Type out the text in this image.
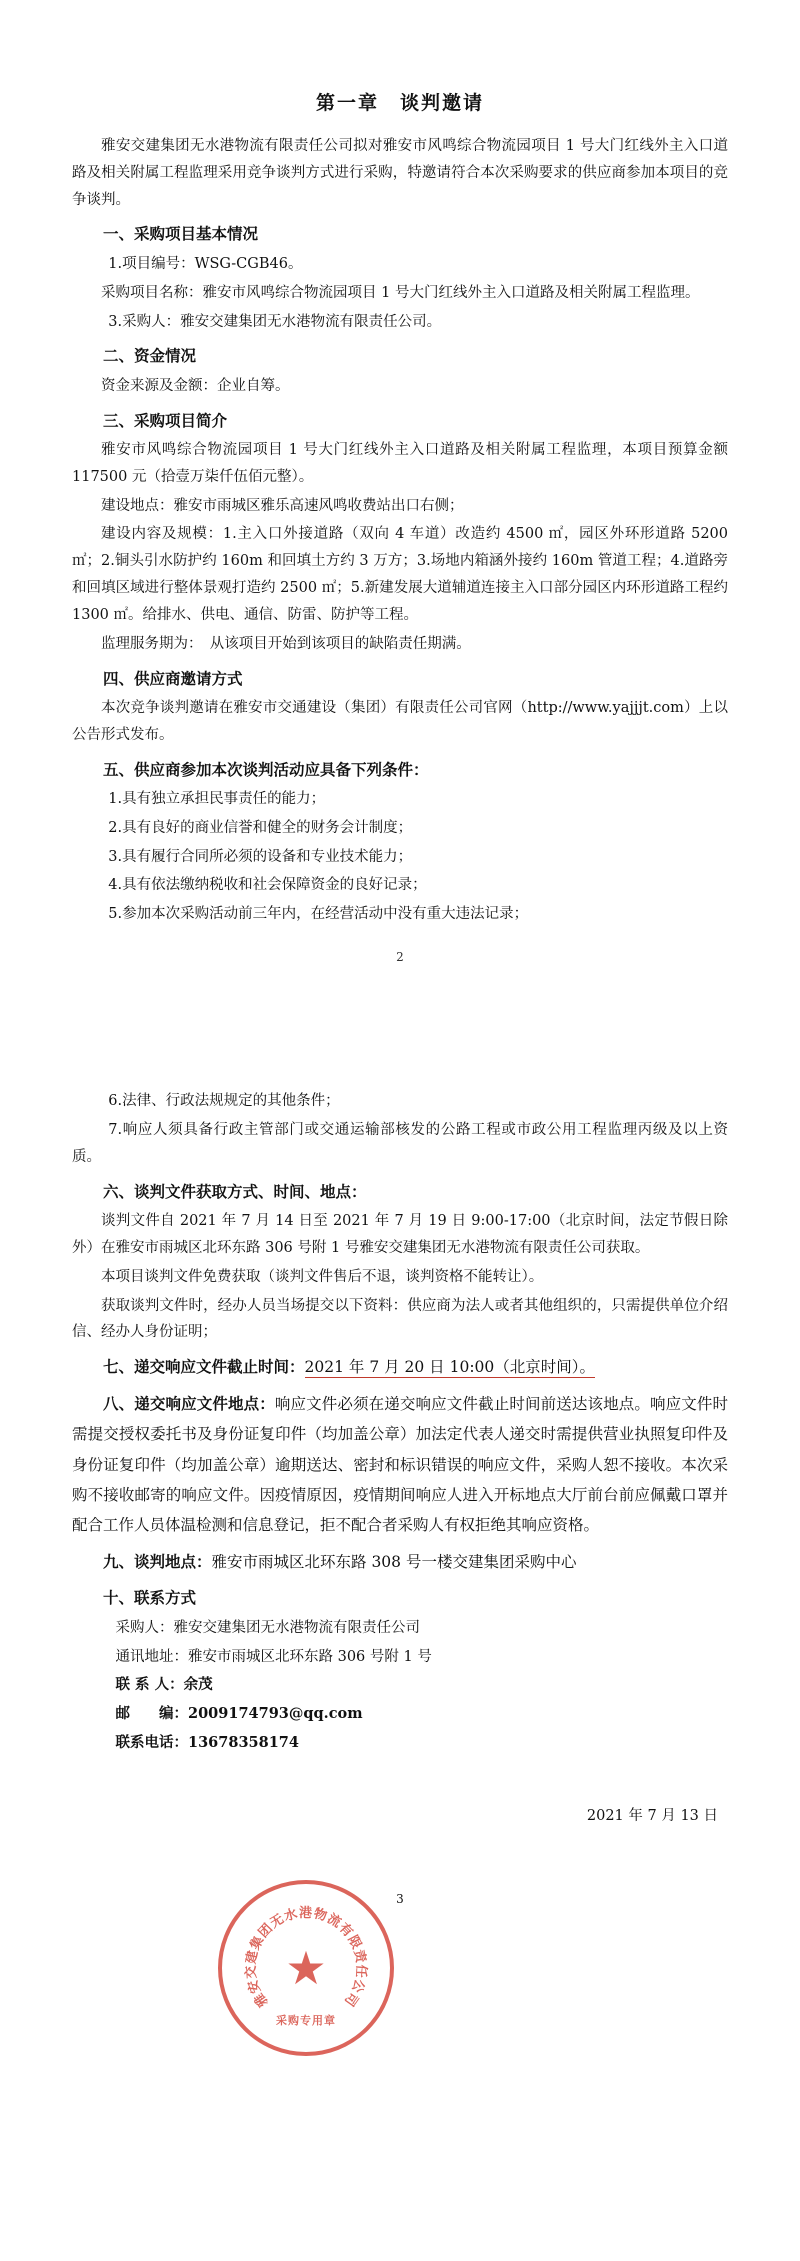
第一章　谈判邀请

雅安交建集团无水港物流有限责任公司拟对雅安市风鸣综合物流园项目 1 号大门红线外主入口道路及相关附属工程监理采用竞争谈判方式进行采购，特邀请符合本次采购要求的供应商参加本项目的竞争谈判。

一、采购项目基本情况

1.项目编号：WSG-CGB46。

采购项目名称：雅安市风鸣综合物流园项目 1 号大门红线外主入口道路及相关附属工程监理。

3.采购人：雅安交建集团无水港物流有限责任公司。

二、资金情况

资金来源及金额：企业自筹。

三、采购项目简介

雅安市风鸣综合物流园项目 1 号大门红线外主入口道路及相关附属工程监理，本项目预算金额 117500 元（拾壹万柒仟伍佰元整）。

建设地点：雅安市雨城区雅乐高速风鸣收费站出口右侧；

建设内容及规模：1.主入口外接道路（双向 4 车道）改造约 4500 ㎡，园区外环形道路 5200㎡；2.铜头引水防护约 160m 和回填土方约 3 万方；3.场地内箱涵外接约 160m 管道工程；4.道路旁和回填区域进行整体景观打造约 2500 ㎡；5.新建发展大道辅道连接主入口部分园区内环形道路工程约 1300 ㎡。给排水、供电、通信、防雷、防护等工程。

监理服务期为：　从该项目开始到该项目的缺陷责任期满。

四、供应商邀请方式

本次竞争谈判邀请在雅安市交通建设（集团）有限责任公司官网（http://www.yajjjt.com）上以公告形式发布。

五、供应商参加本次谈判活动应具备下列条件：

1.具有独立承担民事责任的能力；

2.具有良好的商业信誉和健全的财务会计制度；

3.具有履行合同所必须的设备和专业技术能力；

4.具有依法缴纳税收和社会保障资金的良好记录；

5.参加本次采购活动前三年内，在经营活动中没有重大违法记录；

2

6.法律、行政法规规定的其他条件；

7.响应人须具备行政主管部门或交通运输部核发的公路工程或市政公用工程监理丙级及以上资质。

六、谈判文件获取方式、时间、地点：

谈判文件自 2021 年 7 月 14 日至 2021 年 7 月 19 日 9:00-17:00（北京时间，法定节假日除外）在雅安市雨城区北环东路 306 号附 1 号雅安交建集团无水港物流有限责任公司获取。

本项目谈判文件免费获取（谈判文件售后不退，谈判资格不能转让）。

获取谈判文件时，经办人员当场提交以下资料：供应商为法人或者其他组织的，只需提供单位介绍信、经办人身份证明；

七、递交响应文件截止时间：2021 年 7 月 20 日 10:00（北京时间）。

八、递交响应文件地点：响应文件必须在递交响应文件截止时间前送达该地点。响应文件时需提交授权委托书及身份证复印件（均加盖公章）加法定代表人递交时需提供营业执照复印件及身份证复印件（均加盖公章）逾期送达、密封和标识错误的响应文件，采购人恕不接收。本次采购不接收邮寄的响应文件。因疫情原因，疫情期间响应人进入开标地点大厅前台前应佩戴口罩并配合工作人员体温检测和信息登记，拒不配合者采购人有权拒绝其响应资格。

九、谈判地点：雅安市雨城区北环东路 308 号一楼交建集团采购中心

十、联系方式

采购人：雅安交建集团无水港物流有限责任公司

通讯地址：雅安市雨城区北环东路 306 号附 1 号

联 系 人：余茂

邮　　编：2009174793@qq.com

联系电话：13678358174

雅
安
交
建
集
团
无
水 港 物
流
有
限
责
任
公
司
★
采购专用章

2021 年 7 月 13 日

3
